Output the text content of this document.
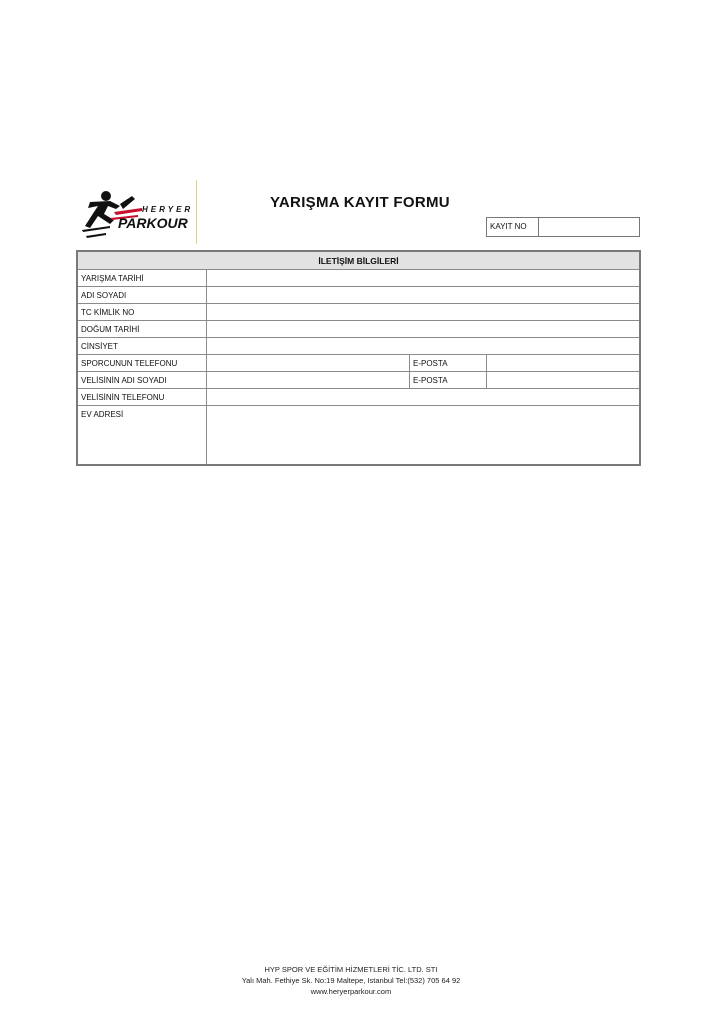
HERYER
PARKOUR
YARIŞMA KAYIT FORMU
KAYIT NO
İLETİŞİM BİLGİLERİ			
YARIŞMA TARİHİ			
ADI SOYADI			
TC KİMLİK NO			
DOĞUM TARİHİ			
CİNSİYET			
SPORCUNUN TELEFONU		E-POSTA	
VELİSİNİN ADI SOYADI		E-POSTA	
VELİSİNİN TELEFONU			
EV ADRESİ			
HYP SPOR VE EĞİTİM HİZMETLERİ TİC. LTD. STI
Yalı Mah. Fethiye Sk. No:19 Maltepe, Istanbul Tel:(532) 705 64 92
www.heryerparkour.com
